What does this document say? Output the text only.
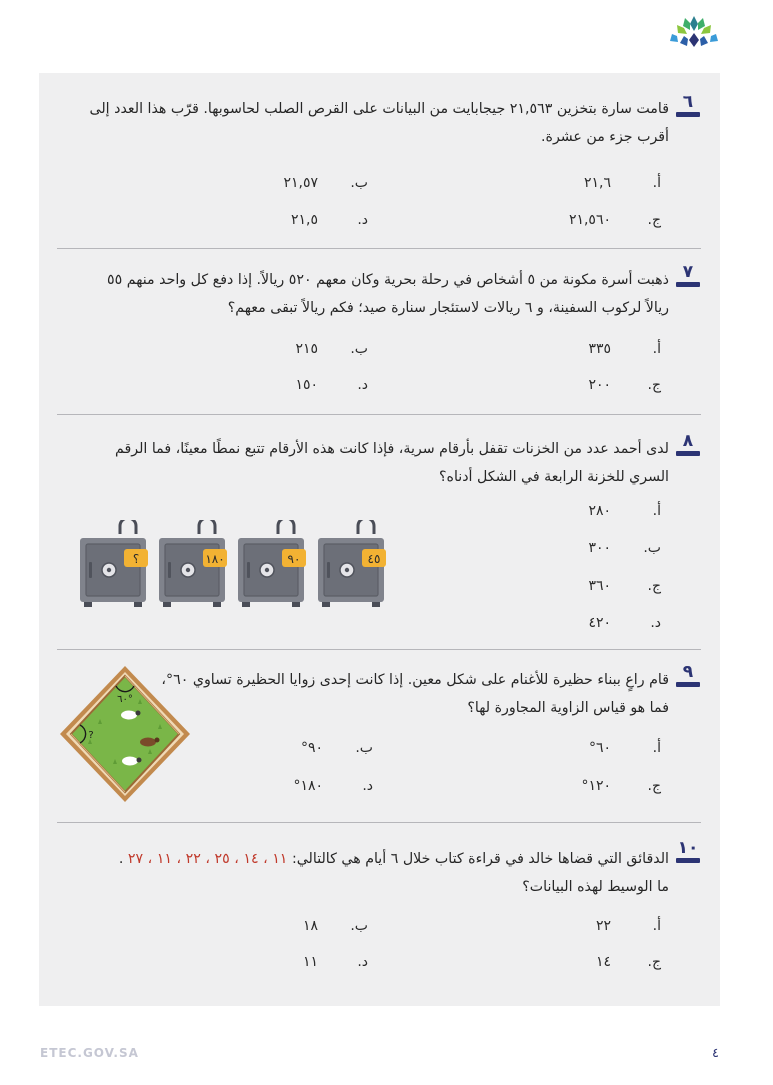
٦
قامت سارة بتخزين ٢١,٥٦٣ جيجابايت من البيانات على القرص الصلب لحاسوبها. قرّب هذا العدد إلى أقرب جزء من عشرة.
أ.٢١,٦
ب.٢١,٥٧
ج.٢١,٥٦٠
د.٢١,٥
٧
ذهبت أسرة مكونة من ٥ أشخاص في رحلة بحرية وكان معهم ٥٢٠ ريالاً. إذا دفع كل واحد منهم ٥٥ ريالاً لركوب السفينة، و ٦ ريالات لاستئجار سنارة صيد؛ فكم ريالاً تبقى معهم؟
أ.٣٣٥
ب.٢١٥
ج.٢٠٠
د.١٥٠
٨
لدى أحمد عدد من الخزنات تقفل بأرقام سرية، فإذا كانت هذه الأرقام تتبع نمطًا معينًا، فما الرقم السري للخزنة الرابعة في الشكل أدناه؟
أ.٢٨٠
ب.٣٠٠
ج.٣٦٠
د.٤٢٠
٤٥
٩٠
١٨٠
؟
٩
قام راعٍ ببناء حظيرة للأغنام على شكل معين. إذا كانت إحدى زوايا الحظيرة تساوي ٦٠°، فما هو قياس الزاوية المجاورة لها؟
أ.٦٠°
ب.٩٠°
ج.١٢٠°
د.١٨٠°
٦٠°
?
١٠
الدقائق التي قضاها خالد في قراءة كتاب خلال ٦ أيام هي كالتالي: ١١ ، ١٤ ، ٢٥ ، ٢٢ ، ١١ ، ٢٧ .
ما الوسيط لهذه البيانات؟
أ.٢٢
ب.١٨
ج.١٤
د.١١
ETEC.GOV.SA	٤
